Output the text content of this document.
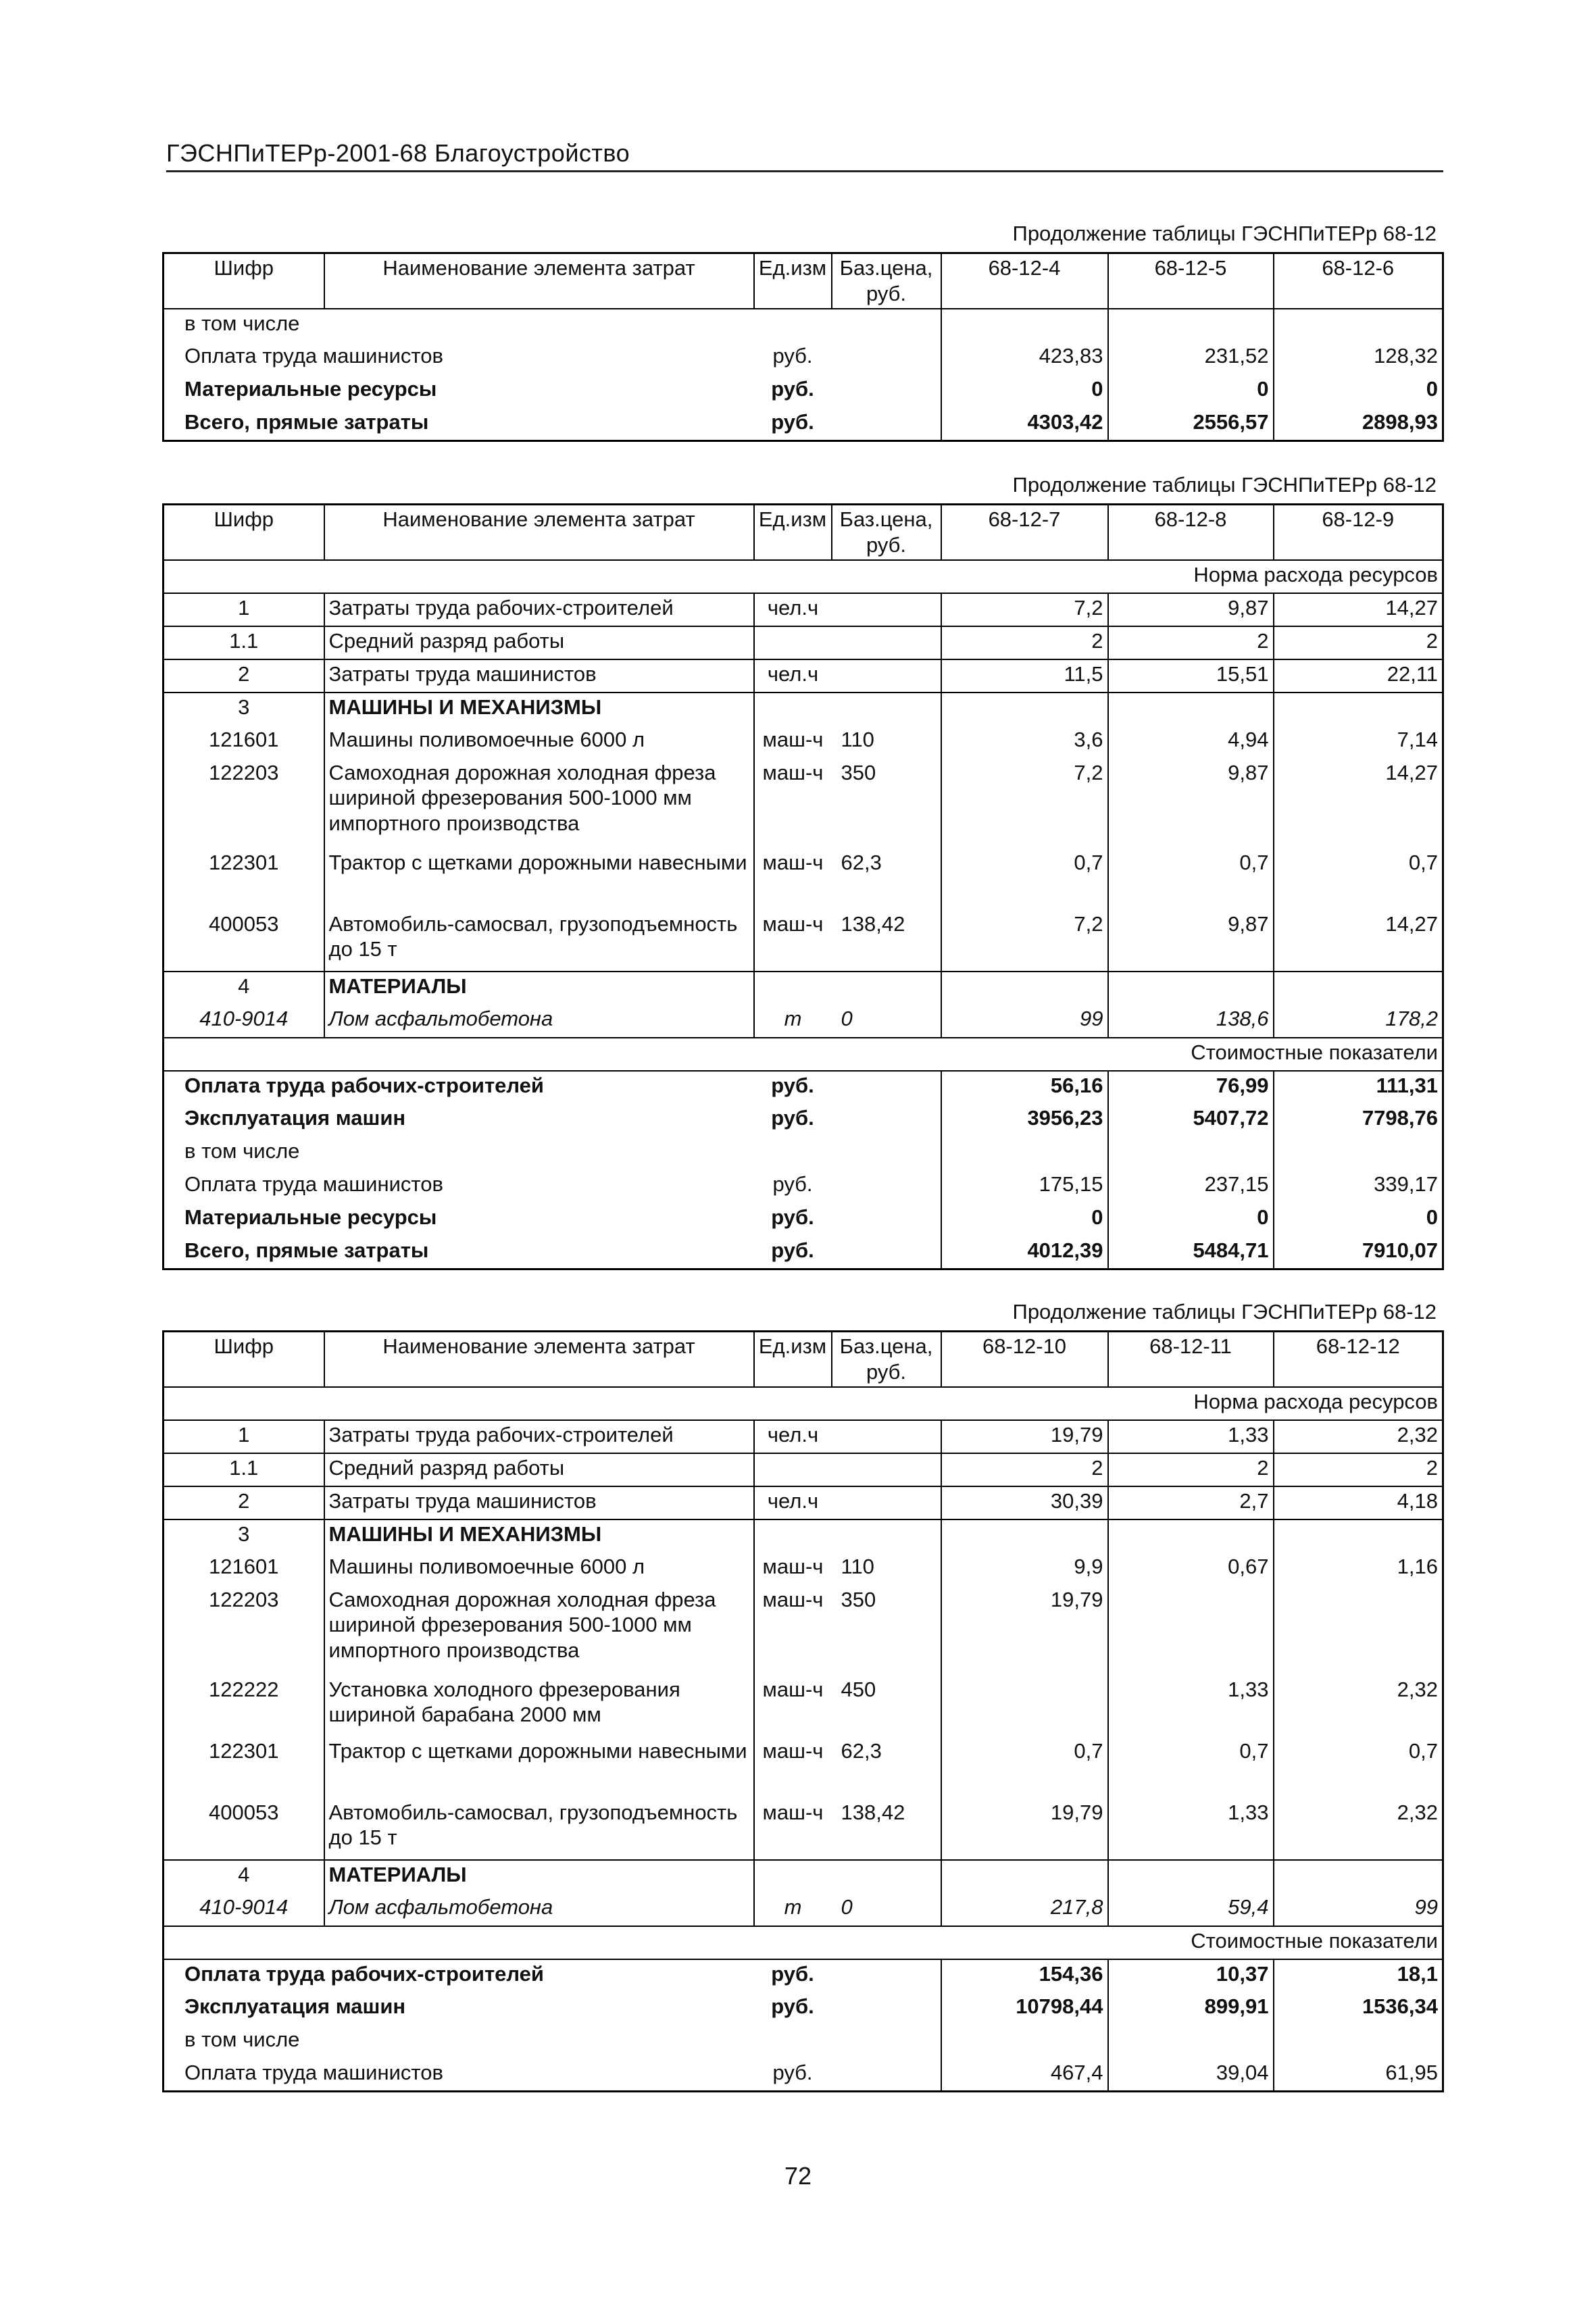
ГЭСНПиТЕРр-2001-68 Благоустройство
Продолжение таблицы ГЭСНПиТЕРр 68-12
Шифр	Наименование элемента затрат	Ед.изм	Баз.цена, руб.	68-12-4	68-12-5	68-12-6
в том числе						
Оплата труда машинистов		руб.		423,83	231,52	128,32
Материальные ресурсы		руб.		0	0	0
Всего, прямые затраты		руб.		4303,42	2556,57	2898,93
Продолжение таблицы ГЭСНПиТЕРр 68-12
Шифр	Наименование элемента затрат	Ед.изм	Баз.цена, руб.	68-12-7	68-12-8	68-12-9
Норма расхода ресурсов						
1	Затраты труда рабочих-строителей	чел.ч		7,2	9,87	14,27
1.1	Средний разряд работы			2	2	2
2	Затраты труда машинистов	чел.ч		11,5	15,51	22,11
3	МАШИНЫ И МЕХАНИЗМЫ					
121601	Машины поливомоечные 6000 л	маш-ч	110	3,6	4,94	7,14
122203	Самоходная дорожная холодная фреза шириной фрезерования 500-1000 мм импортного производства	маш-ч	350	7,2	9,87	14,27
122301	Трактор с щетками дорожными навесными	маш-ч	62,3	0,7	0,7	0,7
400053	Автомобиль-самосвал, грузоподъемность до 15 т	маш-ч	138,42	7,2	9,87	14,27
4	МАТЕРИАЛЫ					
410-9014	Лом асфальтобетона	т	0	99	138,6	178,2
Стоимостные показатели						
Оплата труда рабочих-строителей		руб.		56,16	76,99	111,31
Эксплуатация машин		руб.		3956,23	5407,72	7798,76
в том числе						
Оплата труда машинистов		руб.		175,15	237,15	339,17
Материальные ресурсы		руб.		0	0	0
Всего, прямые затраты		руб.		4012,39	5484,71	7910,07
Продолжение таблицы ГЭСНПиТЕРр 68-12
Шифр	Наименование элемента затрат	Ед.изм	Баз.цена, руб.	68-12-10	68-12-11	68-12-12
Норма расхода ресурсов						
1	Затраты труда рабочих-строителей	чел.ч		19,79	1,33	2,32
1.1	Средний разряд работы			2	2	2
2	Затраты труда машинистов	чел.ч		30,39	2,7	4,18
3	МАШИНЫ И МЕХАНИЗМЫ					
121601	Машины поливомоечные 6000 л	маш-ч	110	9,9	0,67	1,16
122203	Самоходная дорожная холодная фреза шириной фрезерования 500-1000 мм импортного производства	маш-ч	350	19,79		
122222	Установка холодного фрезерования шириной барабана 2000 мм	маш-ч	450		1,33	2,32
122301	Трактор с щетками дорожными навесными	маш-ч	62,3	0,7	0,7	0,7
400053	Автомобиль-самосвал, грузоподъемность до 15 т	маш-ч	138,42	19,79	1,33	2,32
4	МАТЕРИАЛЫ					
410-9014	Лом асфальтобетона	т	0	217,8	59,4	99
Стоимостные показатели						
Оплата труда рабочих-строителей		руб.		154,36	10,37	18,1
Эксплуатация машин		руб.		10798,44	899,91	1536,34
в том числе						
Оплата труда машинистов		руб.		467,4	39,04	61,95
72
